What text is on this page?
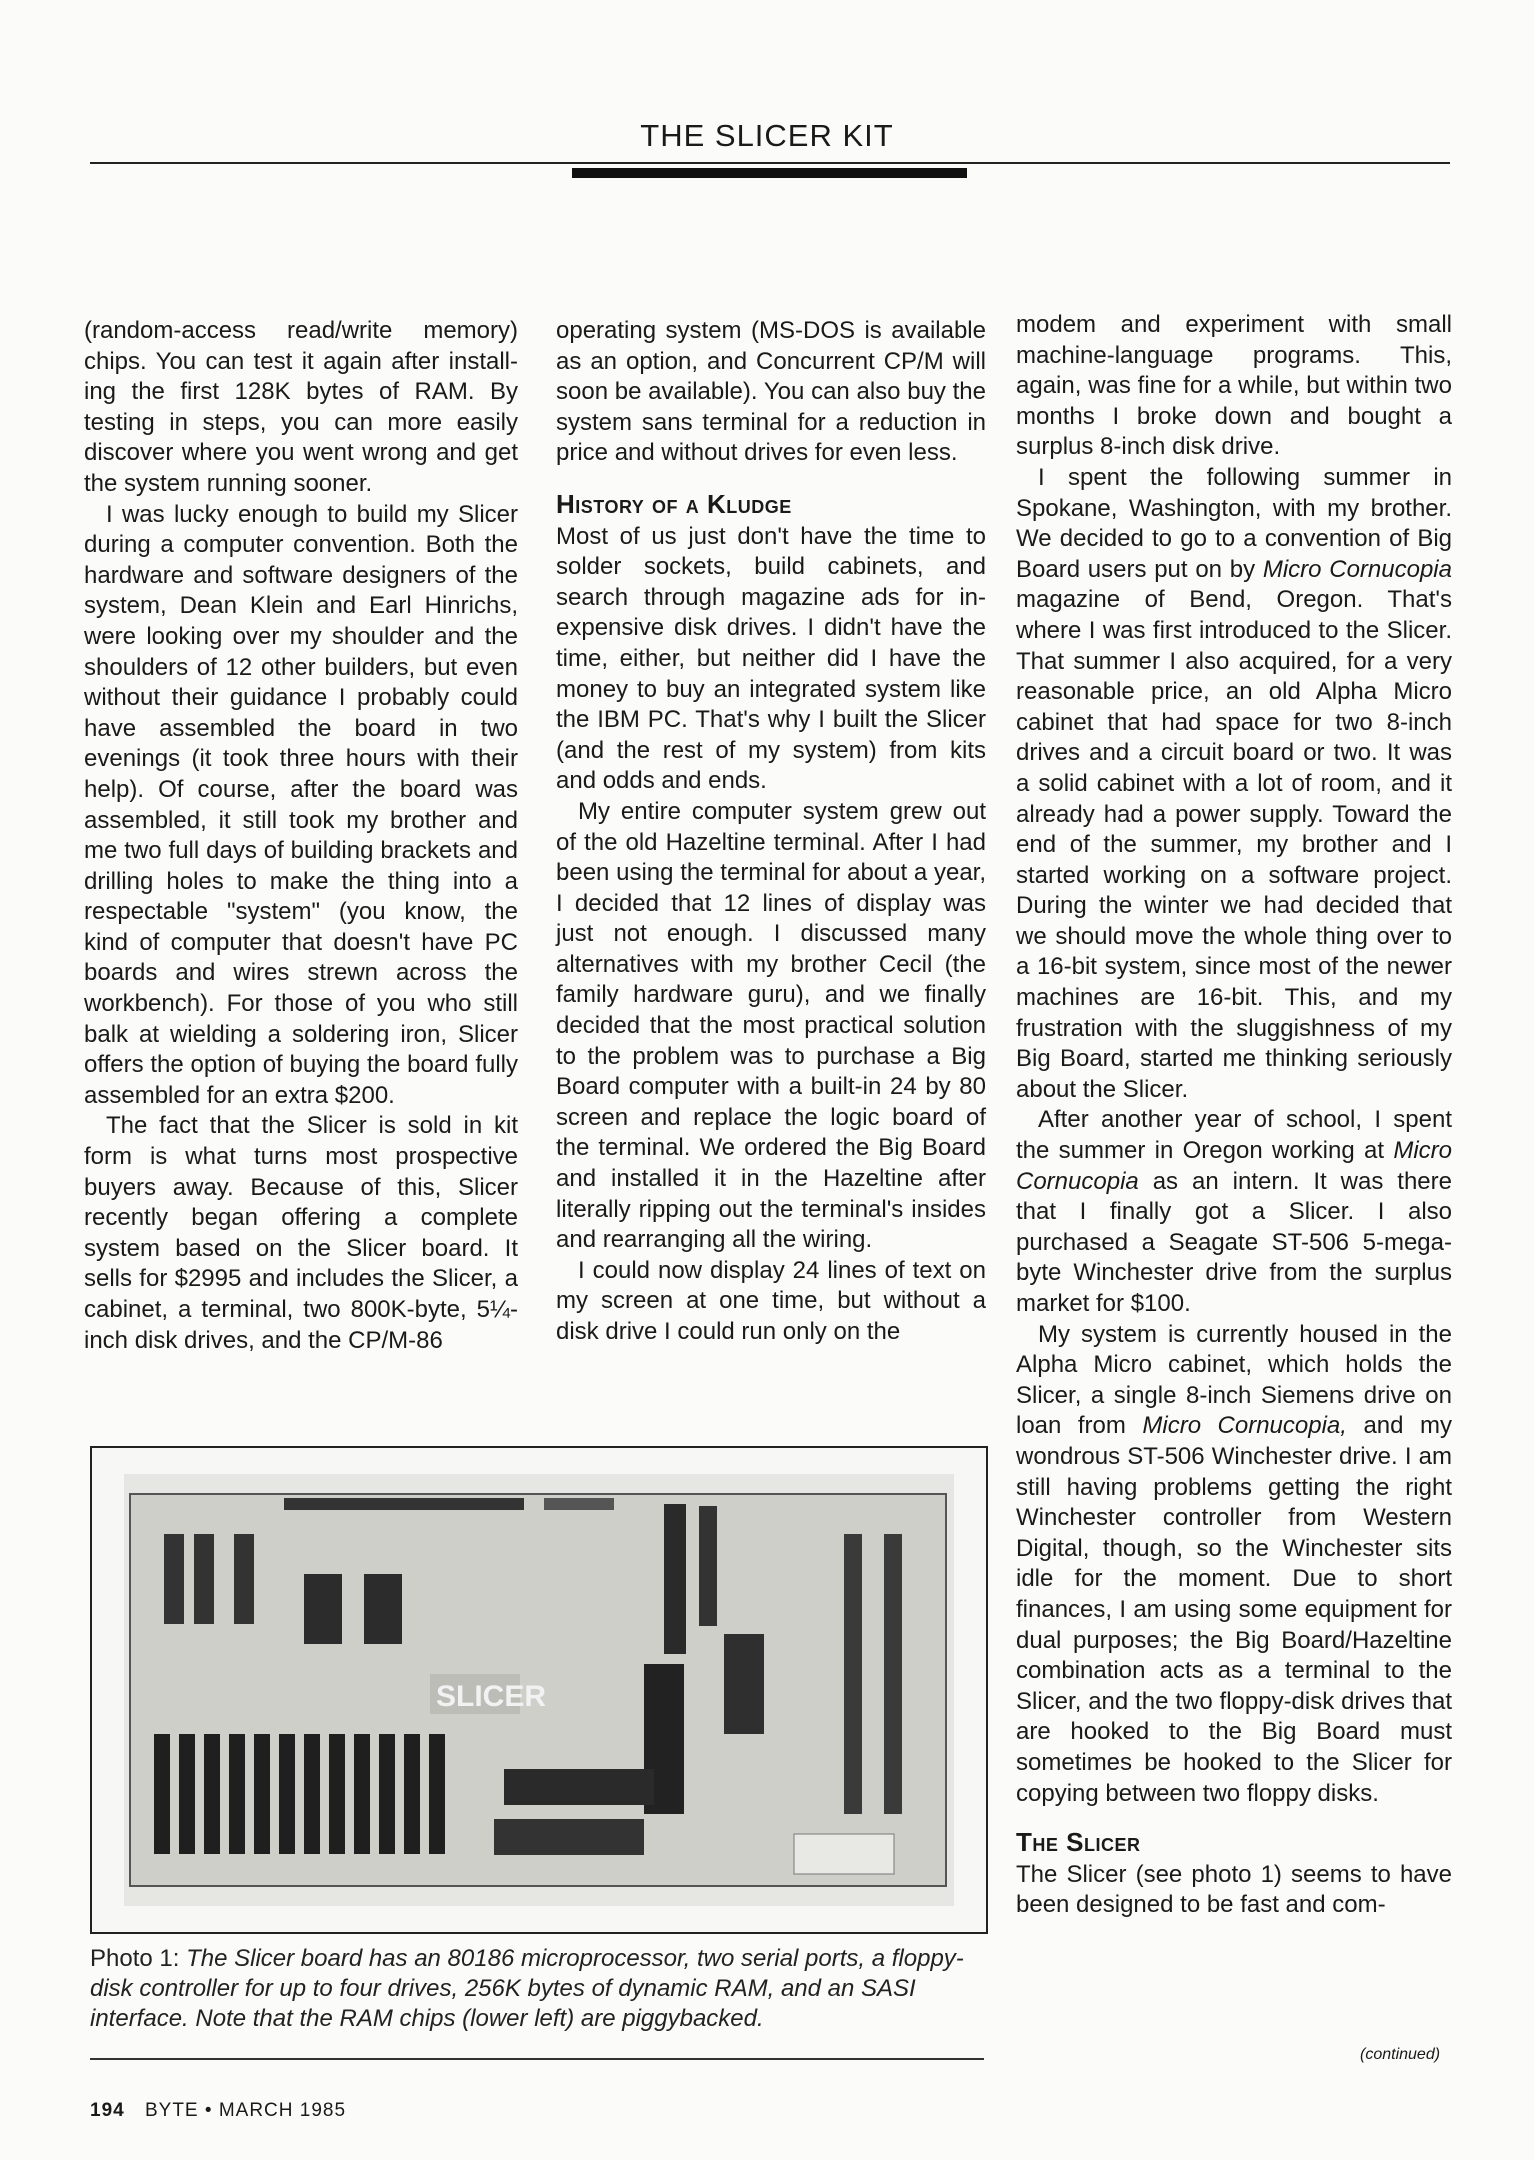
THE SLICER KIT

(random-access read/write memory) chips. You can test it again after installing the first 128K bytes of RAM. By testing in steps, you can more easily discover where you went wrong and get the system running sooner.

I was lucky enough to build my Slicer during a computer convention. Both the hardware and software designers of the system, Dean Klein and Earl Hinrichs, were looking over my shoulder and the shoulders of 12 other builders, but even without their guidance I probably could have assembled the board in two evenings (it took three hours with their help). Of course, after the board was assembled, it still took my brother and me two full days of building brackets and drilling holes to make the thing into a respectable "system" (you know, the kind of computer that doesn't have PC boards and wires strewn across the workbench). For those of you who still balk at wielding a soldering iron, Slicer offers the option of buying the board fully assembled for an extra $200.

The fact that the Slicer is sold in kit form is what turns most prospective buyers away. Because of this, Slicer recently began offering a complete system based on the Slicer board. It sells for $2995 and includes the Slicer, a cabinet, a terminal, two 800K-byte, 5¼-inch disk drives, and the CP/M-86

operating system (MS-DOS is available as an option, and Concurrent CP/M will soon be available). You can also buy the system sans terminal for a reduction in price and without drives for even less.

History of a Kludge

Most of us just don't have the time to solder sockets, build cabinets, and search through magazine ads for inexpensive disk drives. I didn't have the time, either, but neither did I have the money to buy an integrated system like the IBM PC. That's why I built the Slicer (and the rest of my system) from kits and odds and ends.

My entire computer system grew out of the old Hazeltine terminal. After I had been using the terminal for about a year, I decided that 12 lines of display was just not enough. I discussed many alternatives with my brother Cecil (the family hardware guru), and we finally decided that the most practical solution to the problem was to purchase a Big Board computer with a built-in 24 by 80 screen and replace the logic board of the terminal. We ordered the Big Board and installed it in the Hazeltine after literally ripping out the terminal's insides and rearranging all the wiring.

I could now display 24 lines of text on my screen at one time, but without a disk drive I could run only on the

modem and experiment with small machine-language programs. This, again, was fine for a while, but within two months I broke down and bought a surplus 8-inch disk drive.

I spent the following summer in Spokane, Washington, with my brother. We decided to go to a convention of Big Board users put on by Micro Cornucopia magazine of Bend, Oregon. That's where I was first introduced to the Slicer. That summer I also acquired, for a very reasonable price, an old Alpha Micro cabinet that had space for two 8-inch drives and a circuit board or two. It was a solid cabinet with a lot of room, and it already had a power supply. Toward the end of the summer, my brother and I started working on a software project. During the winter we had decided that we should move the whole thing over to a 16-bit system, since most of the newer machines are 16-bit. This, and my frustration with the sluggishness of my Big Board, started me thinking seriously about the Slicer.

After another year of school, I spent the summer in Oregon working at Micro Cornucopia as an intern. It was there that I finally got a Slicer. I also purchased a Seagate ST-506 5-megabyte Winchester drive from the surplus market for $100.

My system is currently housed in the Alpha Micro cabinet, which holds the Slicer, a single 8-inch Siemens drive on loan from Micro Cornucopia, and my wondrous ST-506 Winchester drive. I am still having problems getting the right Winchester controller from Western Digital, though, so the Winchester sits idle for the moment. Due to short finances, I am using some equipment for dual purposes; the Big Board/Hazeltine combination acts as a terminal to the Slicer, and the two floppy-disk drives that are hooked to the Big Board must sometimes be hooked to the Slicer for copying between two floppy disks.

The Slicer

The Slicer (see photo 1) seems to have been designed to be fast and com-

SLICER
Photo 1: The Slicer board has an 80186 microprocessor, two serial ports, a floppy-disk controller for up to four drives, 256K bytes of dynamic RAM, and an SASI interface. Note that the RAM chips (lower left) are piggybacked.
(continued)
194 BYTE • MARCH 1985
